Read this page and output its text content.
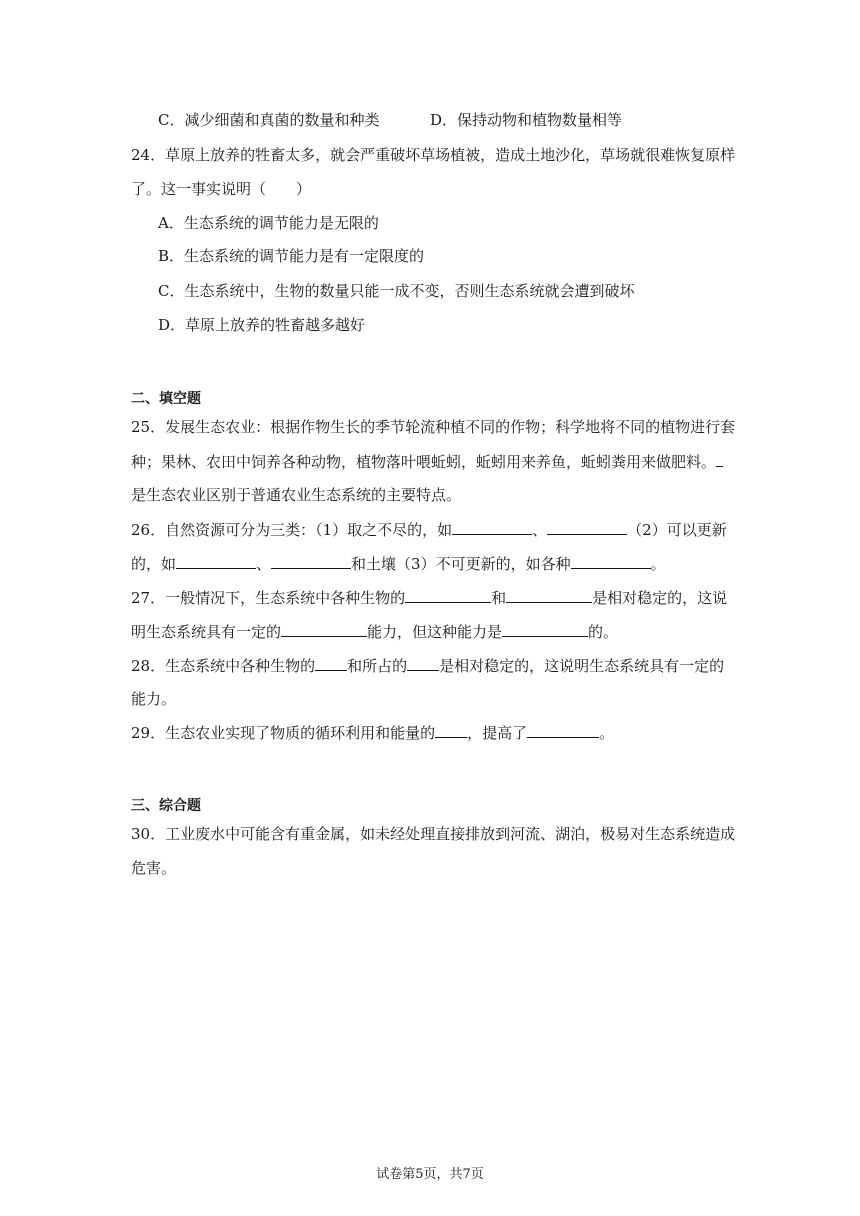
C．减少细菌和真菌的数量和种类	D．保持动物和植物数量相等
24．草原上放养的牲畜太多，就会严重破坏草场植被，造成土地沙化，草场就很难恢复原样
了。这一事实说明（　　）
A．生态系统的调节能力是无限的
B．生态系统的调节能力是有一定限度的
C．生态系统中，生物的数量只能一成不变，否则生态系统就会遭到破坏
D．草原上放养的牲畜越多越好
二、填空题
25．发展生态农业：根据作物生长的季节轮流种植不同的作物；科学地将不同的植物进行套
种；果林、农田中饲养各种动物，植物落叶喂蚯蚓，蚯蚓用来养鱼，蚯蚓粪用来做肥料。
是生态农业区别于普通农业生态系统的主要特点。
26．自然资源可分为三类：（1）取之不尽的，如	、	（2）可以更新
的，如	、	和土壤（3）不可更新的，如各种	。
27．一般情况下，生态系统中各种生物的	和	是相对稳定的，这说
明生态系统具有一定的	能力，但这种能力是	的。
28．生态系统中各种生物的 和所占的 是相对稳定的，这说明生态系统具有一定的
能力。
29．生态农业实现了物质的循环利用和能量的 ，提高了	。
三、综合题
30．工业废水中可能含有重金属，如未经处理直接排放到河流、湖泊，极易对生态系统造成
危害。
试卷第5页，共7页
